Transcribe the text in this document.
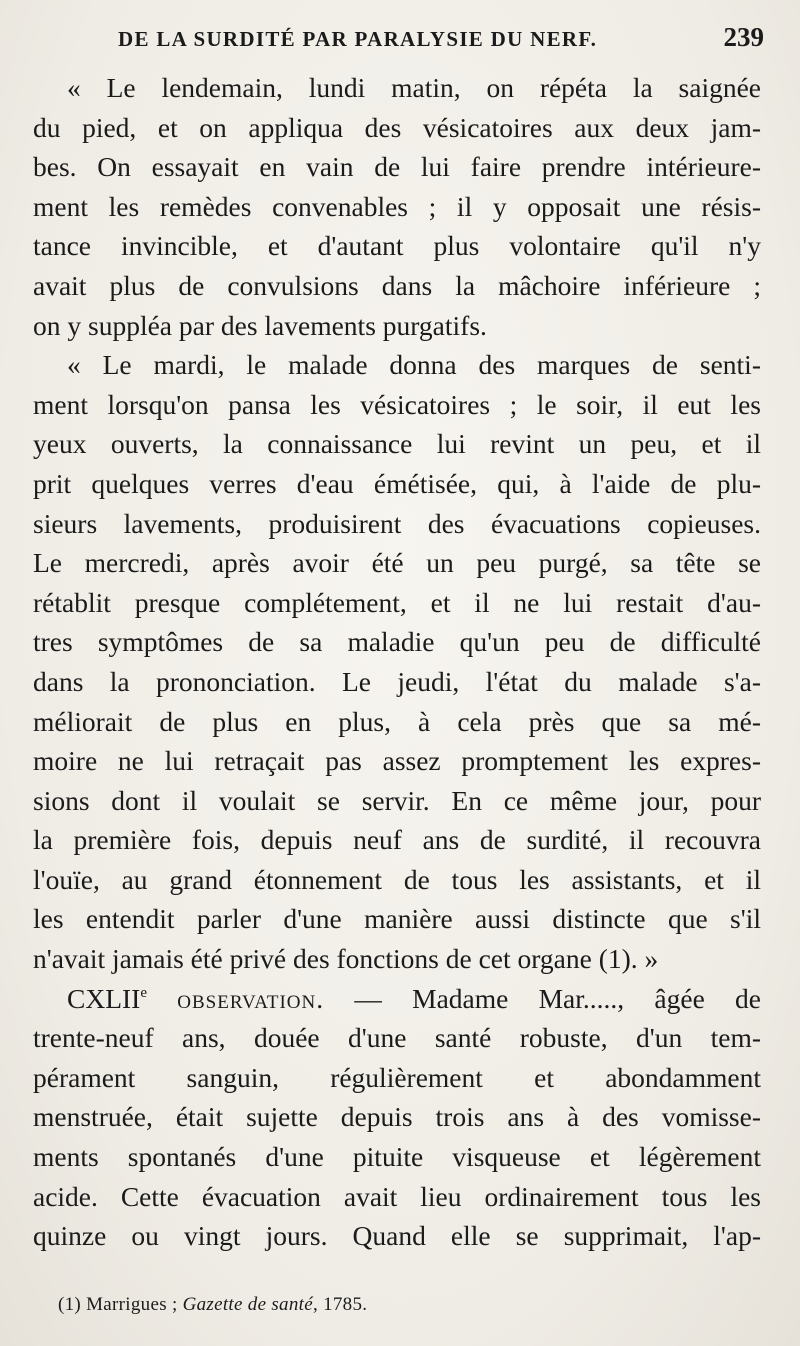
DE LA SURDITÉ PAR PARALYSIE DU NERF.	239
« Le lendemain, lundi matin, on répéta la saignée
du pied, et on appliqua des vésicatoires aux deux jam-
bes. On essayait en vain de lui faire prendre intérieure-
ment les remèdes convenables ; il y opposait une résis-
tance invincible, et d'autant plus volontaire qu'il n'y
avait plus de convulsions dans la mâchoire inférieure ;
on y suppléa par des lavements purgatifs.
« Le mardi, le malade donna des marques de senti-
ment lorsqu'on pansa les vésicatoires ; le soir, il eut les
yeux ouverts, la connaissance lui revint un peu, et il
prit quelques verres d'eau émétisée, qui, à l'aide de plu-
sieurs lavements, produisirent des évacuations copieuses.
Le mercredi, après avoir été un peu purgé, sa tête se
rétablit presque complétement, et il ne lui restait d'au-
tres symptômes de sa maladie qu'un peu de difficulté
dans la prononciation. Le jeudi, l'état du malade s'a-
méliorait de plus en plus, à cela près que sa mé-
moire ne lui retraçait pas assez promptement les expres-
sions dont il voulait se servir. En ce même jour, pour
la première fois, depuis neuf ans de surdité, il recouvra
l'ouïe, au grand étonnement de tous les assistants, et il
les entendit parler d'une manière aussi distincte que s'il
n'avait jamais été privé des fonctions de cet organe (1). »
CXLIIe observation. — Madame Mar....., âgée de
trente-neuf ans, douée d'une santé robuste, d'un tem-
pérament sanguin, régulièrement et abondamment
menstruée, était sujette depuis trois ans à des vomisse-
ments spontanés d'une pituite visqueuse et légèrement
acide. Cette évacuation avait lieu ordinairement tous les
quinze ou vingt jours. Quand elle se supprimait, l'ap-
(1) Marrigues ; Gazette de santé, 1785.
